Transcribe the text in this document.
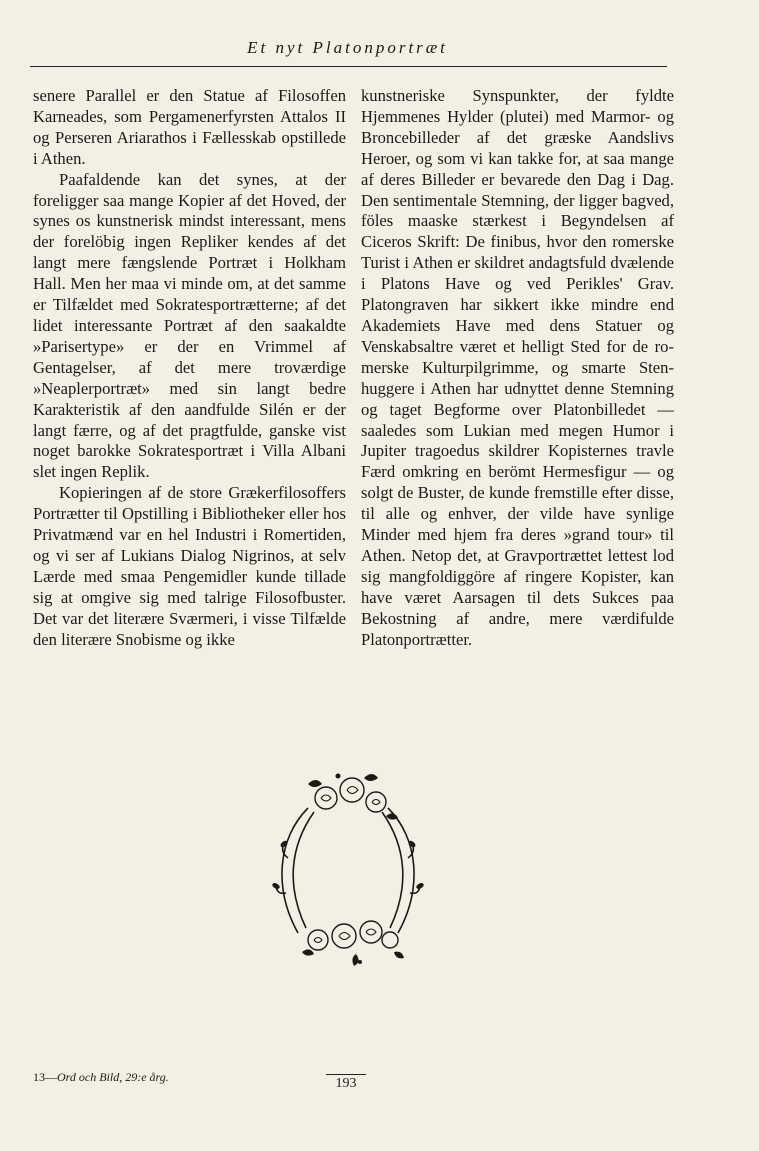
Et nyt Platonportræt

senere Parallel er den Statue af Filosoffen Karneades, som Pergamenerfyrsten Attalos II og Perseren Ariarathos i Fællesskab opstillede i Athen.

Paafaldende kan det synes, at der foreligger saa mange Kopier af det Hoved, der synes os kunstnerisk mindst interessant, mens der forelöbig ingen Repliker kendes af det langt mere fængslende Portræt i Holkham Hall. Men her maa vi minde om, at det samme er Tilfældet med Sokratesportrætterne; af det lidet interessante Portræt af den saakaldte »Parisertype» er der en Vrimmel af Gentagelser, af det mere troværdige »Neaplerportræt» med sin langt bedre Karakteristik af den aandfulde Silén er der langt færre, og af det pragtfulde, ganske vist noget barokke Sokratesportræt i Villa Albani slet ingen Replik.

Kopieringen af de store Grækerfilosoffers Portrætter til Opstilling i Bibliotheker eller hos Privatmænd var en hel Industri i Romertiden, og vi ser af Lukians Dialog Nigrinos, at selv Lærde med smaa Pengemidler kunde tillade sig at omgive sig med talrige Filosofbuster. Det var det literære Sværmeri, i visse Tilfælde den literære Snobisme og ikke

kunstneriske Synspunkter, der fyldte Hjemmenes Hylder (plutei) med Marmor- og Broncebilleder af det græske Aandslivs Heroer, og som vi kan takke for, at saa mange af deres Billeder er bevarede den Dag i Dag. Den sentimentale Stemning, der ligger bagved, föles maaske stærkest i Begyndelsen af Ciceros Skrift: De finibus, hvor den romerske Turist i Athen er skildret andagtsfuld dvælende i Platons Have og ved Perikles' Grav. Platongraven har sikkert ikke mindre end Akademiets Have med dens Statuer og Venskabsaltre været et helligt Sted for de romerske Kulturpilgrimme, og smarte Stenhuggere i Athen har udnyttet denne Stemning og taget Begforme over Platonbilledet — saaledes som Lukian med megen Humor i Jupiter tragoedus skildrer Kopisternes travle Færd omkring en berömt Hermesfigur — og solgt de Buster, de kunde fremstille efter disse, til alle og enhver, der vilde have synlige Minder med hjem fra deres »grand tour» til Athen. Netop det, at Gravportrættet lettest lod sig mangfoldiggöre af ringere Kopister, kan have været Aarsagen til dets Sukces paa Bekostning af andre, mere værdifulde Platonportrætter.

13—Ord och Bild, 29:e årg.	193
